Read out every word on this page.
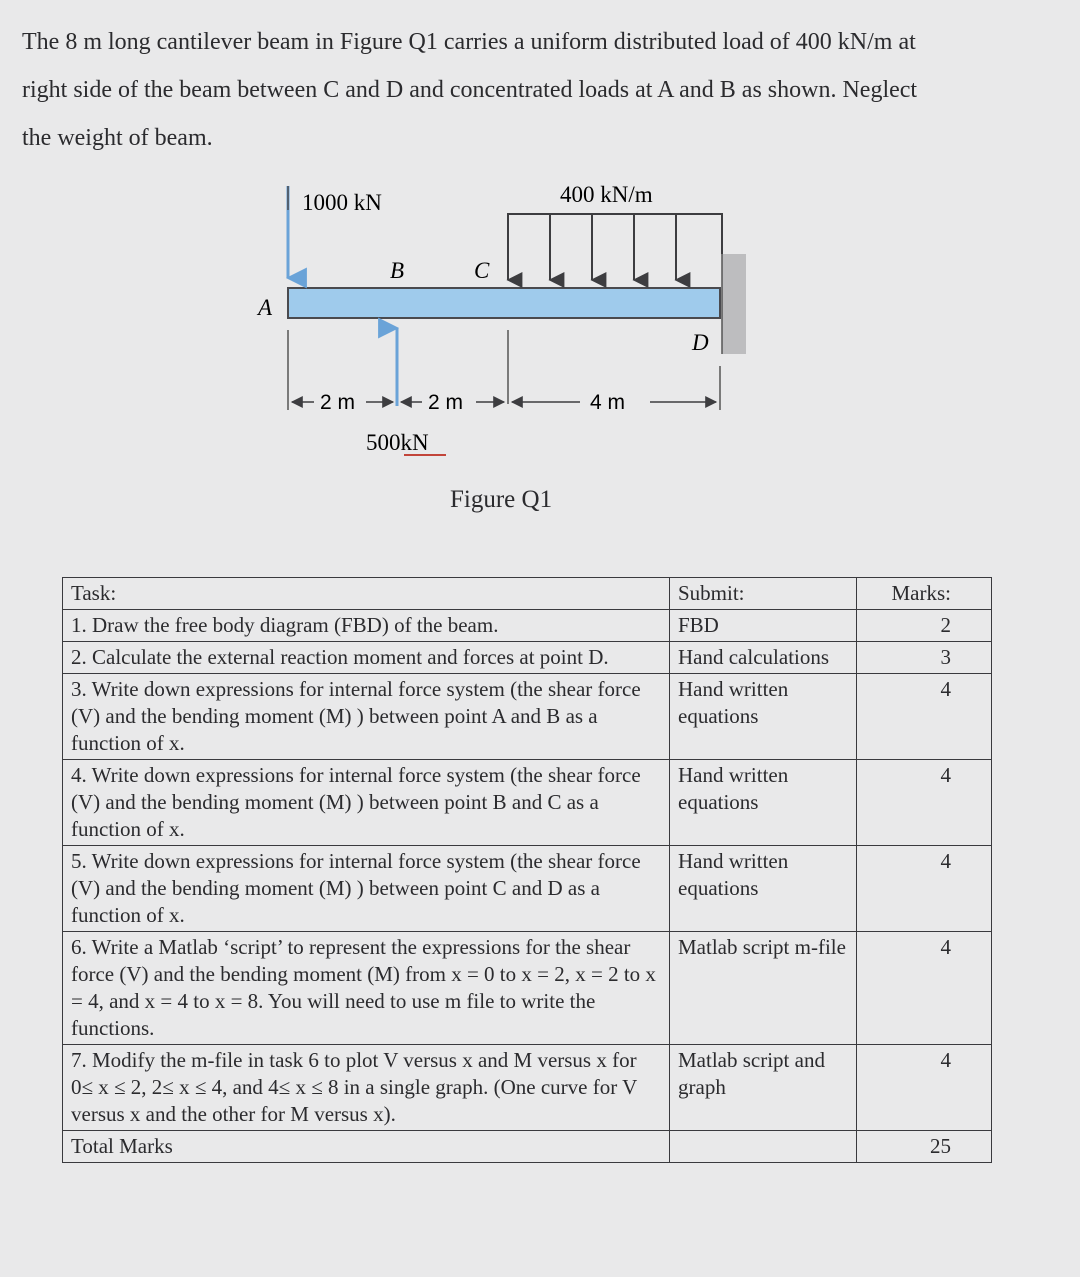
The 8 m long cantilever beam in Figure Q1 carries a uniform distributed load of 400 kN/m at
right side of the beam between C and D and concentrated loads at A and B as shown. Neglect
the weight of beam.
1000 kN	400 kN/m
A
B	C
D
2 m	2 m	4 m
500kN
Figure Q1
Task:	Submit:	Marks:
1. Draw the free body diagram (FBD) of the beam.	FBD	2
2. Calculate the external reaction moment and forces at point D.	Hand calculations	3
3. Write down expressions for internal force system (the shear force (V) and the bending moment (M) ) between point A and B as a function of x.	Hand written equations	4
4. Write down expressions for internal force system (the shear force (V) and the bending moment (M) ) between point B and C as a function of x.	Hand written equations	4
5. Write down expressions for internal force system (the shear force (V) and the bending moment (M) ) between point C and D as a function of x.	Hand written equations	4
6. Write a Matlab ‘script’ to represent the expressions for the shear force (V) and the bending moment (M) from x = 0 to x = 2, x = 2 to x = 4, and x = 4 to x = 8. You will need to use m file to write the functions.	Matlab script m-file	4
7. Modify the m-file in task 6 to plot V versus x and M versus x for 0≤ x ≤ 2, 2≤ x ≤ 4, and 4≤ x ≤ 8 in a single graph. (One curve for V versus x and the other for M versus x).	Matlab script and graph	4
Total Marks		25
